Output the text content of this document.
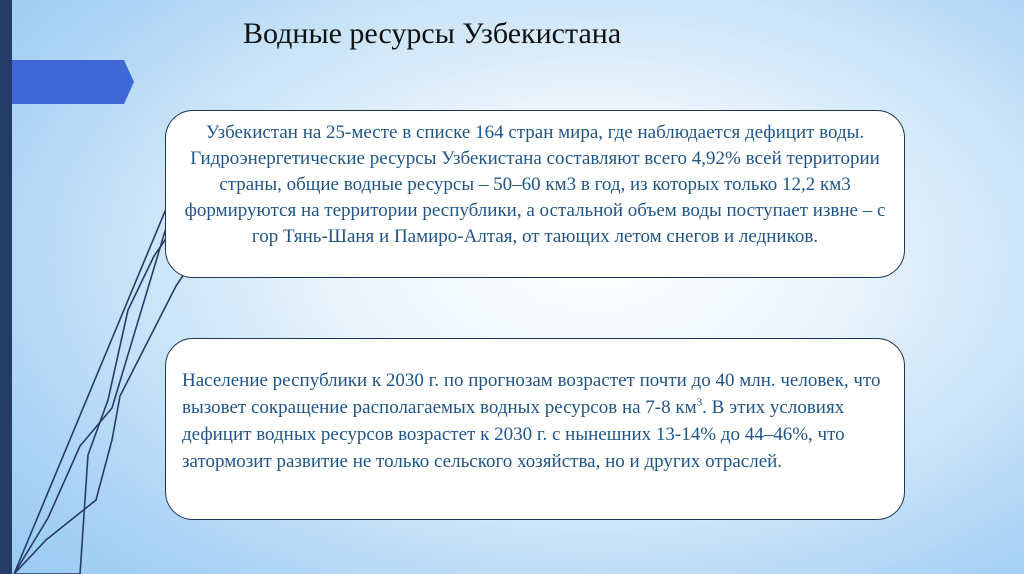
Водные ресурсы Узбекистана
Узбекистан на 25-месте в списке 164 стран мира, где наблюдается дефицит воды. Гидроэнергетические ресурсы Узбекистана составляют всего 4,92% всей территории страны, общие водные ресурсы – 50–60 км3 в год, из которых только 12,2 км3 формируются на территории республики, а остальной объем воды поступает извне – с гор Тянь-Шаня и Памиро-Алтая, от тающих летом снегов и ледников.
Население республики к 2030 г. по прогнозам возрастет почти до 40 млн. человек, что вызовет сокращение располагаемых водных ресурсов на 7-8 $км^3$. В этих условиях дефицит водных ресурсов возрастет к 2030 г. с нынешних 13-14% до 44–46%, что затормозит развитие не только сельского хозяйства, но и других отраслей.
